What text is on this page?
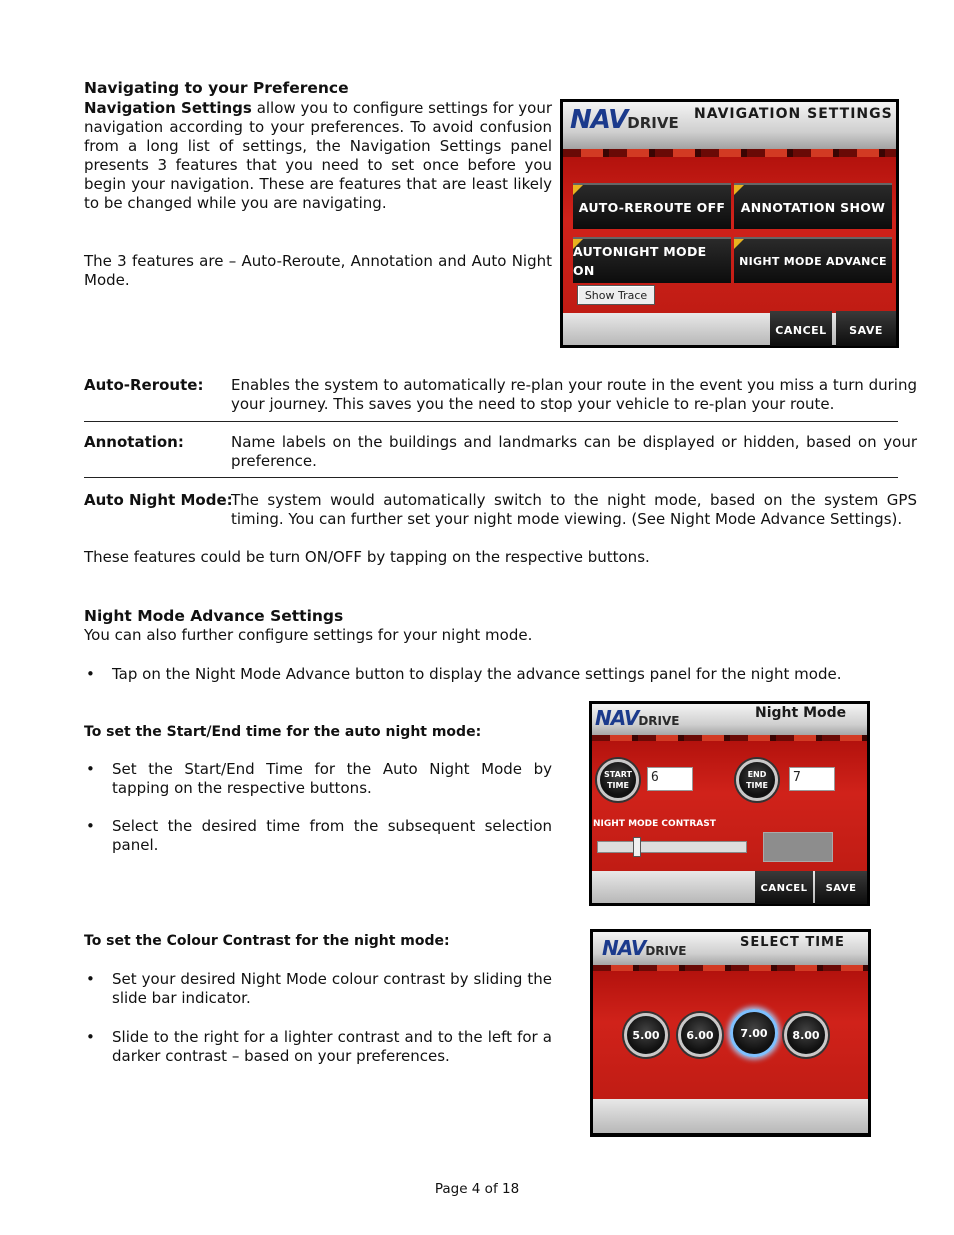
Navigating to your Preference

Navigation Settings allow you to configure settings for your navigation according to your preferences. To avoid confusion from a long list of settings, the Navigation Settings panel presents 3 features that you need to set once before you begin your navigation. These are features that are least likely to be changed while you are navigating.

The 3 features are – Auto-Reroute, Annotation and Auto Night Mode.

NAVDRIVE NAVIGATION SETTINGS
AUTO-REROUTE OFF ANNOTATION SHOW
AUTONIGHT MODE ON
NIGHT MODE ADVANCE
Show Trace
CANCEL	SAVE
Auto-Reroute: Enables the system to automatically re-plan your route in the event you miss a turn during your journey. This saves you the need to stop your vehicle to re-plan your route.
Annotation:	Name labels on the buildings and landmarks can be displayed or hidden, based on your preference.
Auto Night Mode:
The system would automatically switch to the night mode, based on the system GPS timing. You can further set your night mode viewing. (See Night Mode Advance Settings).

These features could be turn ON/OFF by tapping on the respective buttons.

Night Mode Advance Settings

You can also further configure settings for your night mode.

• Tap on the Night Mode Advance button to display the advance settings panel for the night mode.
To set the Start/End time for the auto night mode:
• Set the Start/End Time for the Auto Night Mode by tapping on the respective buttons.
• Select the desired time from the subsequent selection panel.
NAVDRIVE	Night Mode
START TIME
6	END TIME
7
NIGHT MODE CONTRAST
CANCEL	SAVE
To set the Colour Contrast for the night mode:
• Set your desired Night Mode colour contrast by sliding the slide bar indicator.
• Slide to the right for a lighter contrast and to the left for a darker contrast – based on your preferences.
NAVDRIVE
SELECT TIME
5.00	6.00	7.00	8.00
Page 4 of 18
